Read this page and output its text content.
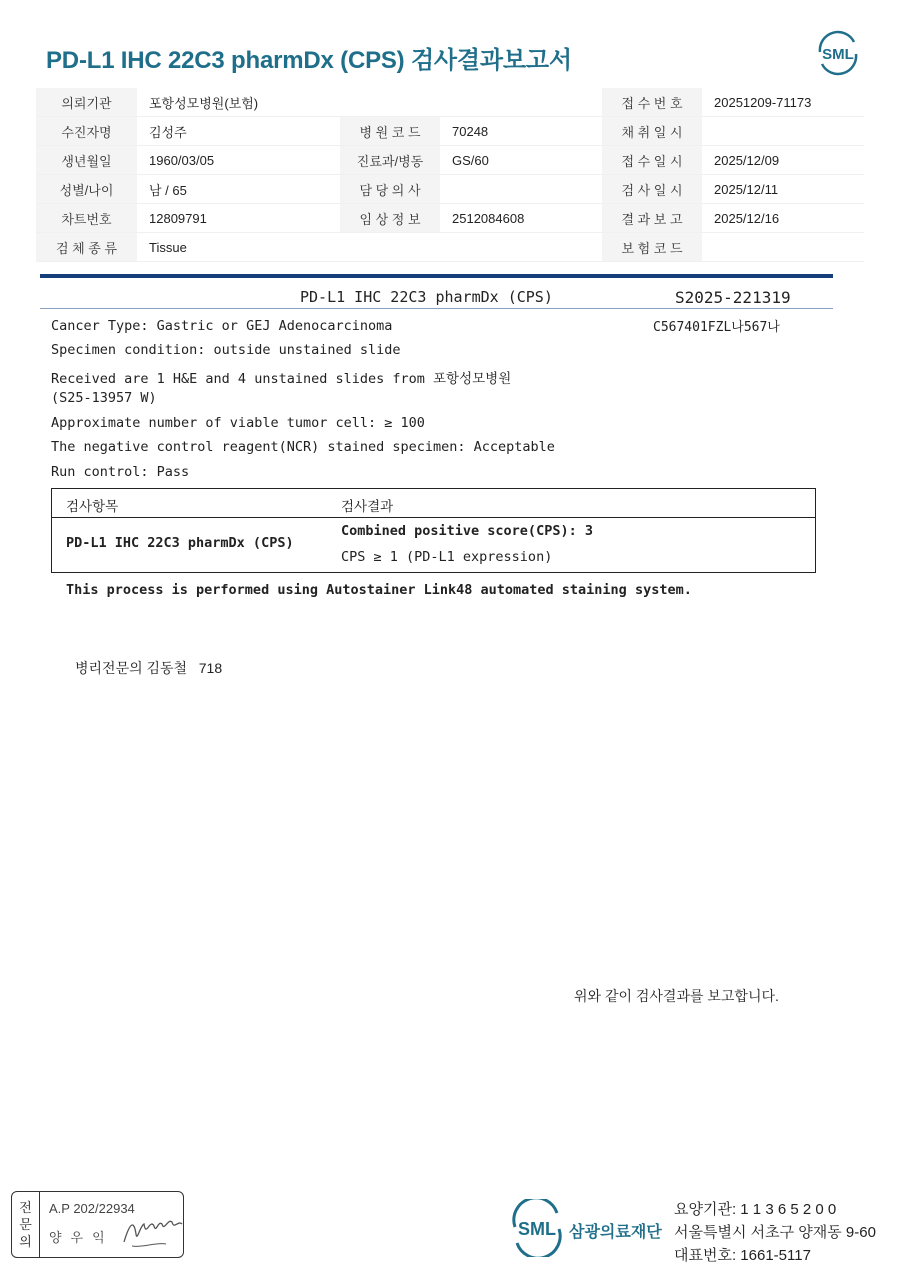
PD-L1 IHC 22C3 pharmDx (CPS) 검사결과보고서	SML
의뢰기관	포항성모병원(보험)			접 수 번 호	20251209-71173
수진자명	김성주	병 원 코 드	70248	채 취 일 시	
생년월일	1960/03/05	진료과/병동	GS/60	접 수 일 시	2025/12/09
성별/나이	남 / 65	담 당 의 사		검 사 일 시	2025/12/11
차트번호	12809791	임 상 정 보	2512084608	결 과 보 고	2025/12/16
검 체 종 류	Tissue			보 험 코 드	
PD-L1 IHC 22C3 pharmDx (CPS)	S2025-221319
C567401FZL나567나
Cancer Type: Gastric or GEJ Adenocarcinoma
Specimen condition: outside unstained slide
Received are 1 H&E and 4 unstained slides from 포항성모병원
(S25-13957 W)
Approximate number of viable tumor cell: ≥ 100
The negative control reagent(NCR) stained specimen: Acceptable
Run control: Pass
검사항목	검사결과
PD-L1 IHC 22C3 pharmDx (CPS)
Combined positive score(CPS): 3
CPS ≥ 1 (PD-L1 expression)
This process is performed using Autostainer Link48 automated staining system.
병리전문의 김동철   718
위와 같이 검사결과를 보고합니다.
전
문
의
A.P 202/22934
양우익	SML 삼광의료재단
요양기관: 1 1 3 6 5 2 0 0
서울특별시 서초구 양재동 9-60
대표번호: 1661-5117
